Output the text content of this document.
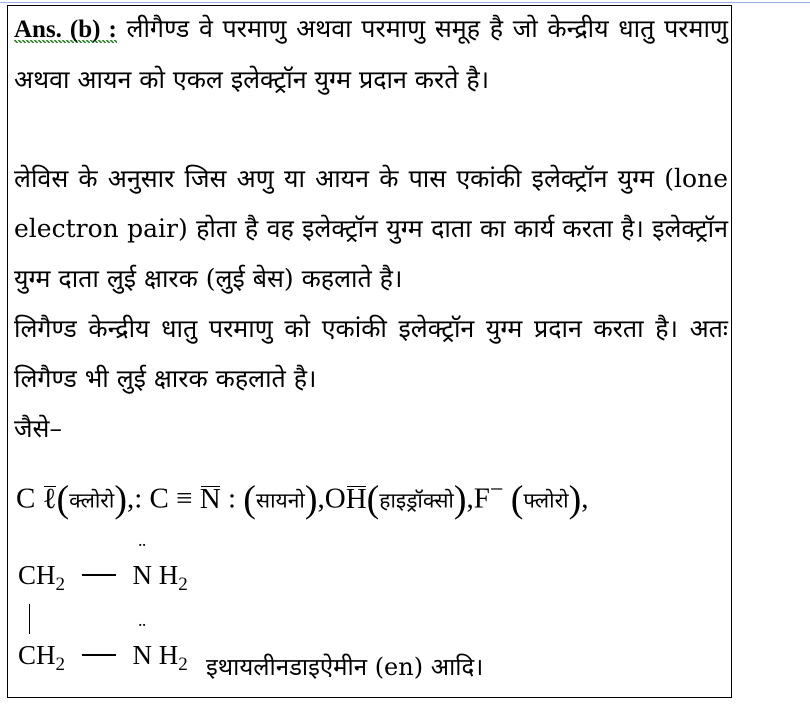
Ans. (b) : लीगैण्ड वे परमाणु अथवा परमाणु समूह है जो केन्द्रीय धातु परमाणु अथवा आयन को एकल इलेक्ट्रॉन युग्म प्रदान करते है।

लेविस के अनुसार जिस अणु या आयन के पास एकांकी इलेक्ट्रॉन युग्म (lone electron pair) होता है वह इलेक्ट्रॉन युग्म दाता का कार्य करता है। इलेक्ट्रॉन युग्म दाता लुई क्षारक (लुई बेस) कहलाते है।

लिगैण्ड केन्द्रीय धातु परमाणु को एकांकी इलेक्ट्रॉन युग्म प्रदान करता है। अतः लिगैण्ड भी लुई क्षारक कहलाते है।

जैसे–

C ℓ(क्लोरो),: C ≡ N : (सायनो),OH(हाइड्रॉक्सो),F− (फ्लोरो),
$CH_2$	¨ N $H_2$
$CH_2$	¨ N $H_2$ इथायलीनडाइऐमीन (en) आदि।
